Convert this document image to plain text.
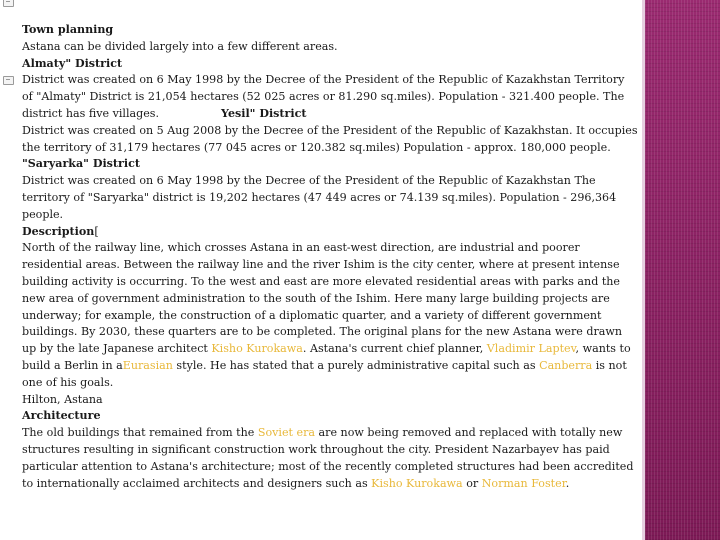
Town planning

Astana can be divided largely into a few different areas.

Almaty" District

District was created on 6 May 1998 by the Decree of the President of the Republic of Kazakhstan Territory of "Almaty" District is 21,054 hectares (52 025 acres or 81.290 sq.miles). Population - 321.400 people. The district has five villages.	Yesil" District

District was created on 5 Aug 2008 by the Decree of the President of the Republic of Kazakhstan. It occupies the territory of 31,179 hectares (77 045 acres or 120.382 sq.miles) Population - approx. 180,000 people.

"Saryarka" District

District was created on 6 May 1998 by the Decree of the President of the Republic of Kazakhstan The territory of "Saryarka" district is 19,202 hectares (47 449 acres or 74.139 sq.miles). Population - 296,364 people.

Description[

North of the railway line, which crosses Astana in an east-west direction, are industrial and poorer residential areas. Between the railway line and the river Ishim is the city center, where at present intense building activity is occurring. To the west and east are more elevated residential areas with parks and the new area of government administration to the south of the Ishim. Here many large building projects are underway; for example, the construction of a diplomatic quarter, and a variety of different government buildings. By 2030, these quarters are to be completed. The original plans for the new Astana were drawn up by the late Japanese architect Kisho Kurokawa. Astana's current chief planner, Vladimir Laptev, wants to build a Berlin in aEurasian style. He has stated that a purely administrative capital such as Canberra is not one of his goals.

Hilton, Astana

Architecture

The old buildings that remained from the Soviet era are now being removed and replaced with totally new structures resulting in significant construction work throughout the city. President Nazarbayev has paid particular attention to Astana's architecture; most of the recently completed structures had been accredited to internationally acclaimed architects and designers such as Kisho Kurokawa or Norman Foster.
